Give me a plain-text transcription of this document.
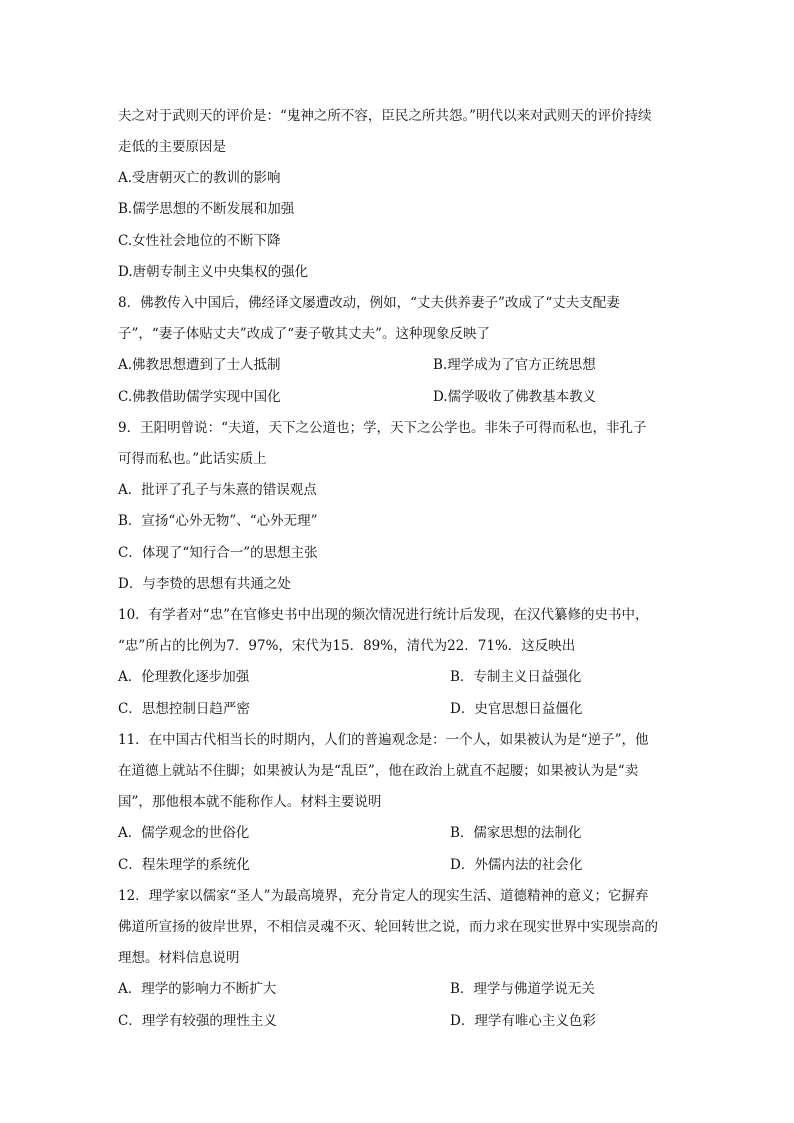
夫之对于武则天的评价是：“鬼神之所不容，臣民之所共怨。”明代以来对武则天的评价持续
走低的主要原因是
A.受唐朝灭亡的教训的影响
B.儒学思想的不断发展和加强
C.女性社会地位的不断下降
D.唐朝专制主义中央集权的强化
8．佛教传入中国后，佛经译文屡遭改动，例如，“丈夫供养妻子”改成了“丈夫支配妻
子”，“妻子体贴丈夫”改成了“妻子敬其丈夫”。这种现象反映了
A.佛教思想遭到了士人抵制	B.理学成为了官方正统思想
C.佛教借助儒学实现中国化	D.儒学吸收了佛教基本教义
9．王阳明曾说：“夫道，天下之公道也；学，天下之公学也。非朱子可得而私也，非孔子
可得而私也。”此话实质上
A．批评了孔子与朱熹的错误观点
B．宣扬“心外无物”、“心外无理”
C．体现了“知行合一”的思想主张
D．与李贽的思想有共通之处
10．有学者对“忠”在官修史书中出现的频次情况进行统计后发现，在汉代纂修的史书中，
“忠”所占的比例为7．97%，宋代为15．89%，清代为22．71%．这反映出
A．伦理教化逐步加强	B．专制主义日益强化
C．思想控制日趋严密	D．史官思想日益僵化
11．在中国古代相当长的时期内，人们的普遍观念是：一个人，如果被认为是“逆子”，他
在道德上就站不住脚；如果被认为是“乱臣”，他在政治上就直不起腰；如果被认为是“卖
国”，那他根本就不能称作人。材料主要说明
A．儒学观念的世俗化	B．儒家思想的法制化
C．程朱理学的系统化	D．外儒内法的社会化
12．理学家以儒家“圣人”为最高境界，充分肯定人的现实生活、道德精神的意义；它摒弃
佛道所宣扬的彼岸世界，不相信灵魂不灭、轮回转世之说，而力求在现实世界中实现崇高的
理想。材料信息说明
A．理学的影响力不断扩大	B．理学与佛道学说无关
C．理学有较强的理性主义	D．理学有唯心主义色彩
